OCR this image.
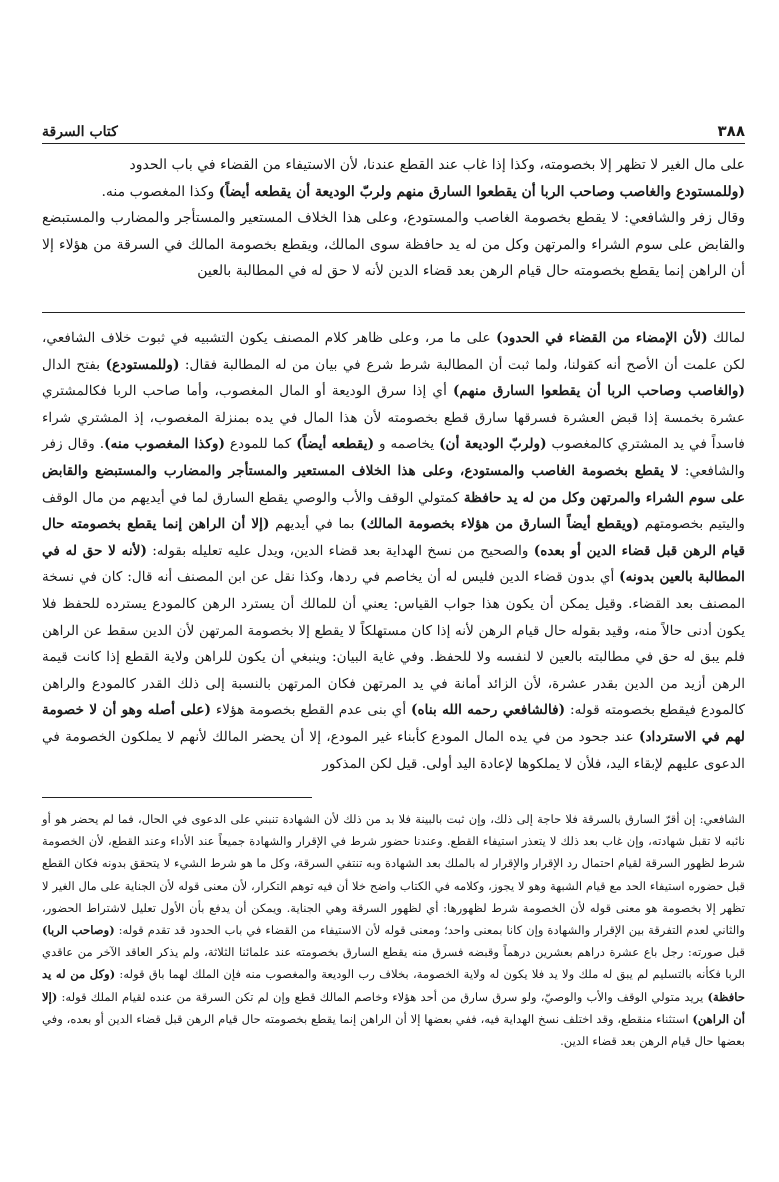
٣٨٨
كتاب السرقة

على مال الغير لا تظهر إلا بخصومته، وكذا إذا غاب عند القطع عندنا، لأن الاستيفاء من القضاء في باب الحدود

(وللمستودع والغاصب وصاحب الربا أن يقطعوا السارق منهم ولربّ الوديعة أن يقطعه أيضاً) وكذا المغصوب منه.

وقال زفر والشافعي: لا يقطع بخصومة الغاصب والمستودع، وعلى هذا الخلاف المستعير والمستأجر والمضارب والمستبضع والقابض على سوم الشراء والمرتهن وكل من له يد حافظة سوى المالك، ويقطع بخصومة المالك في السرقة من هؤلاء إلا أن الراهن إنما يقطع بخصومته حال قيام الرهن بعد قضاء الدين لأنه لا حق له في المطالبة بالعين

لمالك (لأن الإمضاء من القضاء في الحدود) على ما مر، وعلى ظاهر كلام المصنف يكون التشبيه في ثبوت خلاف الشافعي، لكن علمت أن الأصح أنه كقولنا، ولما ثبت أن المطالبة شرط شرع في بيان من له المطالبة فقال: (وللمستودع) بفتح الدال (والغاصب وصاحب الربا أن يقطعوا السارق منهم) أي إذا سرق الوديعة أو المال المغصوب، وأما صاحب الربا فكالمشتري عشرة بخمسة إذا قبض العشرة فسرقها سارق قطع بخصومته لأن هذا المال في يده بمنزلة المغصوب، إذ المشتري شراء فاسداً في يد المشتري كالمغصوب (ولربّ الوديعة أن) يخاصمه و (يقطعه أيضاً) كما للمودع (وكذا المغصوب منه). وقال زفر والشافعي: لا يقطع بخصومة الغاصب والمستودع، وعلى هذا الخلاف المستعير والمستأجر والمضارب والمستبضع والقابض على سوم الشراء والمرتهن وكل من له يد حافظة كمتولي الوقف والأب والوصي يقطع السارق لما في أيديهم من مال الوقف واليتيم بخصومتهم (ويقطع أيضاً السارق من هؤلاء بخصومة المالك) بما في أيديهم (إلا أن الراهن إنما يقطع بخصومته حال قيام الرهن قبل قضاء الدين أو بعده) والصحيح من نسخ الهداية بعد قضاء الدين، ويدل عليه تعليله بقوله: (لأنه لا حق له في المطالبة بالعين بدونه) أي بدون قضاء الدين فليس له أن يخاصم في ردها، وكذا نقل عن ابن المصنف أنه قال: كان في نسخة المصنف بعد القضاء. وقيل يمكن أن يكون هذا جواب القياس: يعني أن للمالك أن يسترد الرهن كالمودع يسترده للحفظ فلا يكون أدنى حالاً منه، وقيد بقوله حال قيام الرهن لأنه إذا كان مستهلكاً لا يقطع إلا بخصومة المرتهن لأن الدين سقط عن الراهن فلم يبق له حق في مطالبته بالعين لا لنفسه ولا للحفظ. وفي غاية البيان: وينبغي أن يكون للراهن ولاية القطع إذا كانت قيمة الرهن أزيد من الدين بقدر عشرة، لأن الزائد أمانة في يد المرتهن فكان المرتهن بالنسبة إلى ذلك القدر كالمودع والراهن كالمودع فيقطع بخصومته قوله: (فالشافعي رحمه الله بناه) أي بنى عدم القطع بخصومة هؤلاء (على أصله وهو أن لا خصومة لهم في الاسترداد) عند جحود من في يده المال المودع كأبناء غير المودع، إلا أن يحضر المالك لأنهم لا يملكون الخصومة في الدعوى عليهم لإبقاء اليد، فلأن لا يملكوها لإعادة اليد أولى. قيل لكن المذكور

الشافعي: إن أقرّ السارق بالسرقة فلا حاجة إلى ذلك، وإن ثبت بالبينة فلا بد من ذلك لأن الشهادة تنبني على الدعوى في الحال، فما لم يحضر هو أو نائبه لا تقبل شهادته، وإن غاب بعد ذلك لا يتعذر استيفاء القطع. وعندنا حضور شرط في الإقرار والشهادة جميعاً عند الأداء وعند القطع، لأن الخصومة شرط لظهور السرقة لقيام احتمال رد الإقرار والإقرار له بالملك بعد الشهادة وبه تنتفي السرقة، وكل ما هو شرط الشيء لا يتحقق بدونه فكان القطع قبل حضوره استيفاء الحد مع قيام الشبهة وهو لا يجوز، وكلامه في الكتاب واضح خلا أن فيه توهم التكرار، لأن معنى قوله لأن الجناية على مال الغير لا تظهر إلا بخصومة هو معنى قوله لأن الخصومة شرط لظهورها: أي لظهور السرقة وهي الجناية. ويمكن أن يدفع بأن الأول تعليل لاشتراط الحضور، والثاني لعدم التفرقة بين الإقرار والشهادة وإن كانا بمعنى واحد؛ ومعنى قوله لأن الاستيفاء من القضاء في باب الحدود قد تقدم قوله: (وصاحب الربا) قبل صورته: رجل باع عشرة دراهم بعشرين درهماً وقبضه فسرق منه يقطع السارق بخصومته عند علمائنا الثلاثة، ولم يذكر العاقد الآخر من عاقدي الربا فكأنه بالتسليم لم يبق له ملك ولا يد فلا يكون له ولاية الخصومة، بخلاف رب الوديعة والمغصوب منه فإن الملك لهما باق قوله: (وكل من له يد حافظة) يريد متولي الوقف والأب والوصيّ، ولو سرق سارق من أحد هؤلاء وخاصم المالك قطع وإن لم تكن السرقة من عنده لقيام الملك قوله: (إلا أن الراهن) استثناء منقطع، وقد اختلف نسخ الهداية فيه، ففي بعضها إلا أن الراهن إنما يقطع بخصومته حال قيام الرهن قبل قضاء الدين أو بعده، وفي بعضها حال قيام الرهن بعد قضاء الدين.
